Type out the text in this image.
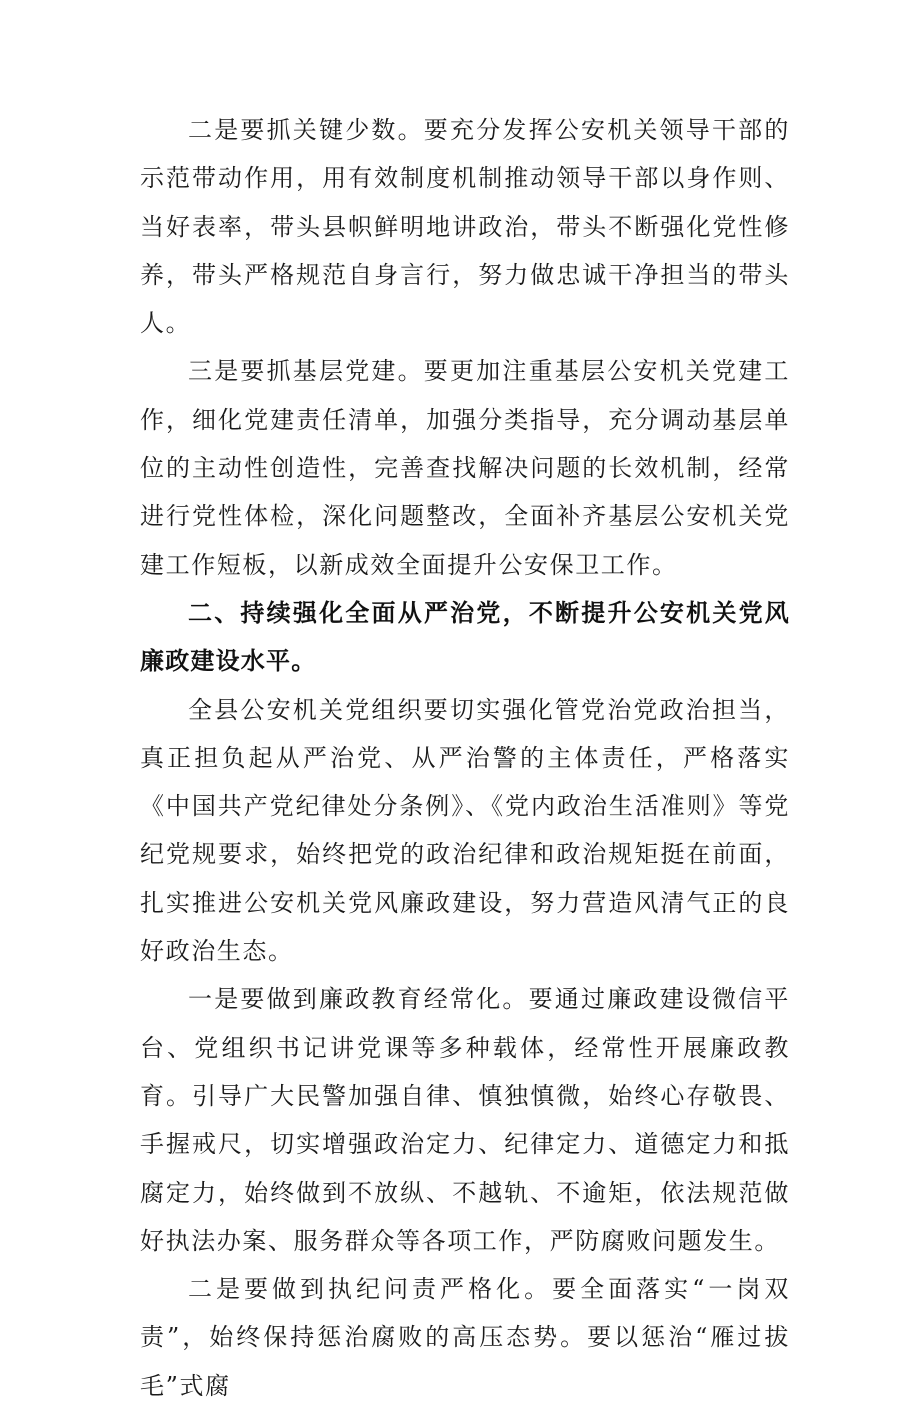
二是要抓关键少数。要充分发挥公安机关领导干部的示范带动作用，用有效制度机制推动领导干部以身作则、当好表率，带头县帜鲜明地讲政治，带头不断强化党性修养，带头严格规范自身言行，努力做忠诚干净担当的带头人。

三是要抓基层党建。要更加注重基层公安机关党建工作，细化党建责任清单，加强分类指导，充分调动基层单位的主动性创造性，完善查找解决问题的长效机制，经常进行党性体检，深化问题整改，全面补齐基层公安机关党建工作短板，以新成效全面提升公安保卫工作。

二、持续强化全面从严治党，不断提升公安机关党风廉政建设水平。

全县公安机关党组织要切实强化管党治党政治担当，真正担负起从严治党、从严治警的主体责任，严格落实《中国共产党纪律处分条例》、《党内政治生活准则》等党纪党规要求，始终把党的政治纪律和政治规矩挺在前面，扎实推进公安机关党风廉政建设，努力营造风清气正的良好政治生态。

一是要做到廉政教育经常化。要通过廉政建设微信平台、党组织书记讲党课等多种载体，经常性开展廉政教育。引导广大民警加强自律、慎独慎微，始终心存敬畏、手握戒尺，切实增强政治定力、纪律定力、道德定力和抵腐定力，始终做到不放纵、不越轨、不逾矩，依法规范做好执法办案、服务群众等各项工作，严防腐败问题发生。

二是要做到执纪问责严格化。要全面落实“一岗双责”，始终保持惩治腐败的高压态势。要以惩治“雁过拔毛”式腐
